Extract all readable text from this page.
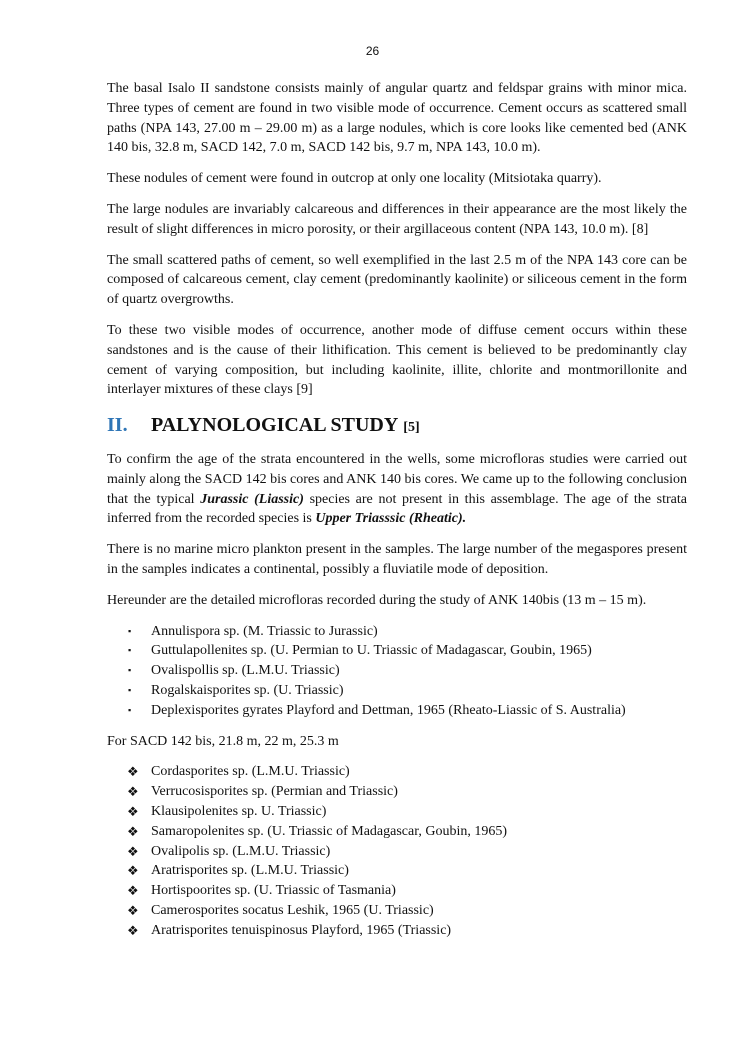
26

The basal Isalo II sandstone consists mainly of angular quartz and feldspar grains with minor mica. Three types of cement are found in two visible mode of occurrence. Cement occurs as scattered small paths (NPA 143, 27.00 m – 29.00 m) as a large nodules, which is core looks like cemented bed (ANK 140 bis, 32.8 m, SACD 142, 7.0 m, SACD 142 bis, 9.7 m, NPA 143, 10.0 m).

These nodules of cement were found in outcrop at only one locality (Mitsiotaka quarry).

The large nodules are invariably calcareous and differences in their appearance are the most likely the result of slight differences in micro porosity, or their argillaceous content (NPA 143, 10.0 m). [8]

The small scattered paths of cement, so well exemplified in the last 2.5 m of the NPA 143 core can be composed of calcareous cement, clay cement (predominantly kaolinite) or siliceous cement in the form of quartz overgrowths.

To these two visible modes of occurrence, another mode of diffuse cement occurs within these sandstones and is the cause of their lithification. This cement is believed to be predominantly clay cement of varying composition, but including kaolinite, illite, chlorite and montmorillonite and interlayer mixtures of these clays [9]

II.	PALYNOLOGICAL STUDY [5]

To confirm the age of the strata encountered in the wells, some microfloras studies were carried out mainly along the SACD 142 bis cores and ANK 140 bis cores. We came up to the following conclusion that the typical Jurassic (Liassic) species are not present in this assemblage. The age of the strata inferred from the recorded species is Upper Triasssic (Rheatic).

There is no marine micro plankton present in the samples. The large number of the megaspores present in the samples indicates a continental, possibly a fluviatile mode of deposition.

Hereunder are the detailed microfloras recorded during the study of ANK 140bis (13 m – 15 m).

▪ Annulispora sp. (M. Triassic to Jurassic)
▪ Guttulapollenites sp. (U. Permian to U. Triassic of Madagascar, Goubin, 1965)
▪ Ovalispollis sp. (L.M.U. Triassic)
▪ Rogalskaisporites sp. (U. Triassic)
▪ Deplexisporites gyrates Playford and Dettman, 1965 (Rheato-Liassic of S. Australia)

For SACD 142 bis, 21.8 m, 22 m, 25.3 m

❖ Cordasporites sp. (L.M.U. Triassic)
❖ Verrucosisporites sp. (Permian and Triassic)
❖ Klausipolenites sp. U. Triassic)
❖ Samaropolenites sp. (U. Triassic of Madagascar, Goubin, 1965)
❖ Ovalipolis sp. (L.M.U. Triassic)
❖ Aratrisporites sp. (L.M.U. Triassic)
❖ Hortispoorites sp. (U. Triassic of Tasmania)
❖ Camerosporites socatus Leshik, 1965 (U. Triassic)
❖ Aratrisporites tenuispinosus Playford, 1965 (Triassic)
